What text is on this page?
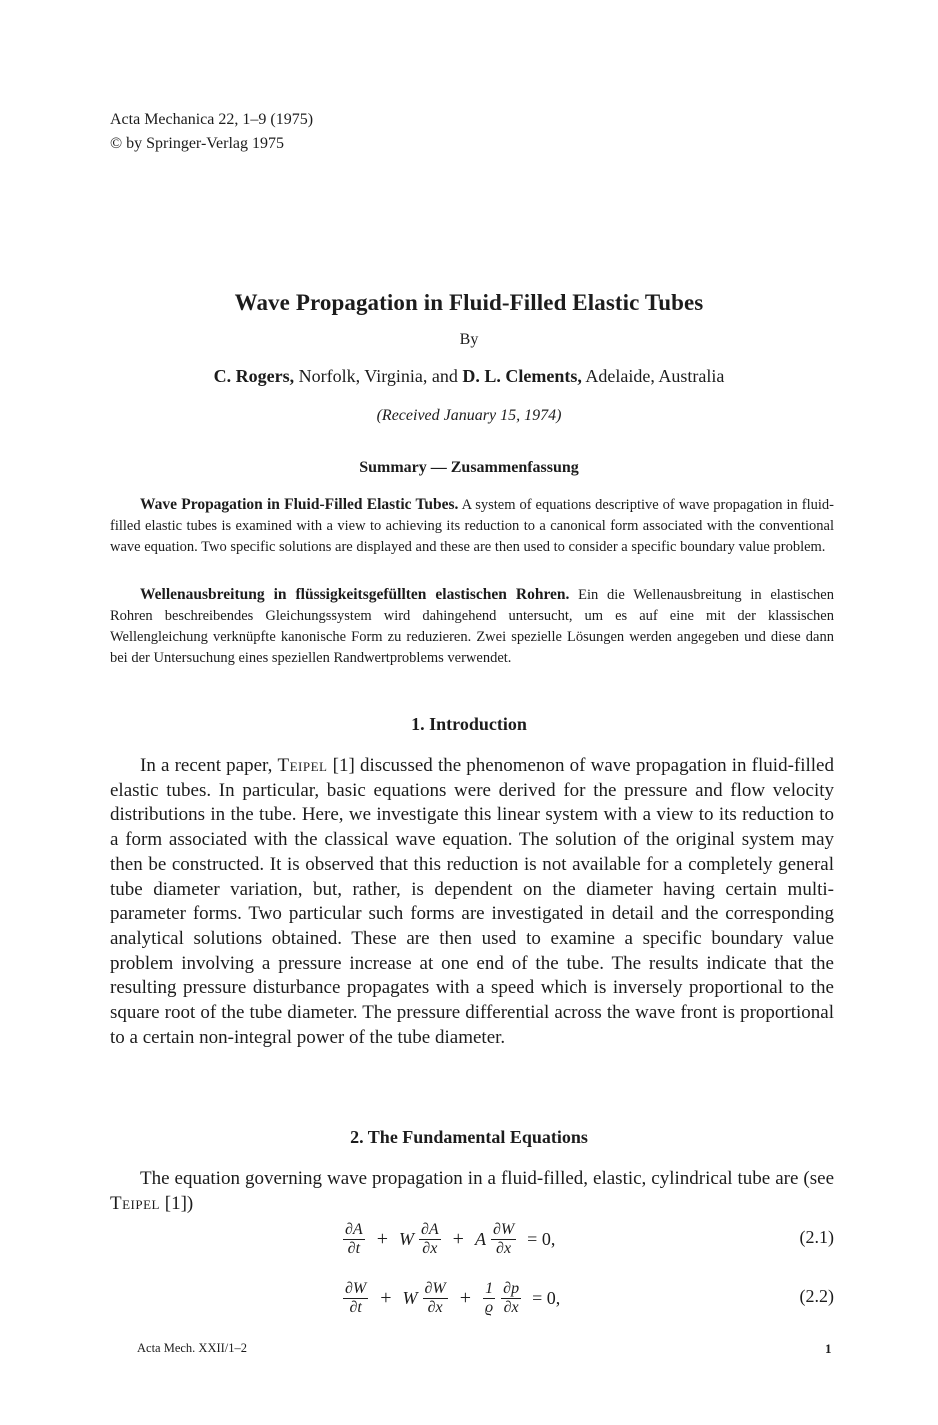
Acta Mechanica 22, 1–9 (1975)
© by Springer-Verlag 1975
Wave Propagation in Fluid-Filled Elastic Tubes
By
C. Rogers, Norfolk, Virginia, and D. L. Clements, Adelaide, Australia
(Received January 15, 1974)
Summary — Zusammenfassung

Wave Propagation in Fluid-Filled Elastic Tubes. A system of equations descriptive of wave propagation in fluid-filled elastic tubes is examined with a view to achieving its reduction to a canonical form associated with the conventional wave equation. Two specific solutions are displayed and these are then used to consider a specific boundary value problem.

Wellenausbreitung in flüssigkeitsgefüllten elastischen Rohren. Ein die Wellenausbreitung in elastischen Rohren beschreibendes Gleichungssystem wird dahingehend untersucht, um es auf eine mit der klassischen Wellengleichung verknüpfte kanonische Form zu reduzieren. Zwei spezielle Lösungen werden angegeben und diese dann bei der Untersuchung eines speziellen Randwertproblems verwendet.

1. Introduction

In a recent paper, Teipel [1] discussed the phenomenon of wave propagation in fluid-filled elastic tubes. In particular, basic equations were derived for the pressure and flow velocity distributions in the tube. Here, we investigate this linear system with a view to its reduction to a form associated with the classical wave equation. The solution of the original system may then be constructed. It is observed that this reduction is not available for a completely general tube diameter variation, but, rather, is dependent on the diameter having certain multi-parameter forms. Two particular such forms are investigated in detail and the corresponding analytical solutions obtained. These are then used to examine a specific boundary value problem involving a pressure increase at one end of the tube. The results indicate that the resulting pressure disturbance propagates with a speed which is inversely proportional to the square root of the tube diameter. The pressure differential across the wave front is proportional to a certain non-integral power of the tube diameter.

2. The Fundamental Equations

The equation governing wave propagation in a fluid-filled, elastic, cylindrical tube are (see Teipel [1])

$\frac{\partial A}{\partial t} + W \frac{\partial A}{\partial x} + A \frac{\partial W}{\partial x} = 0$,	(2.1)
$\frac{\partial W}{\partial t} + W \frac{\partial W}{\partial x} + \frac{1}{ϱ} \frac{\partial p}{\partial x} = 0$,	(2.2)
Acta Mech. XXII/1–2	1
